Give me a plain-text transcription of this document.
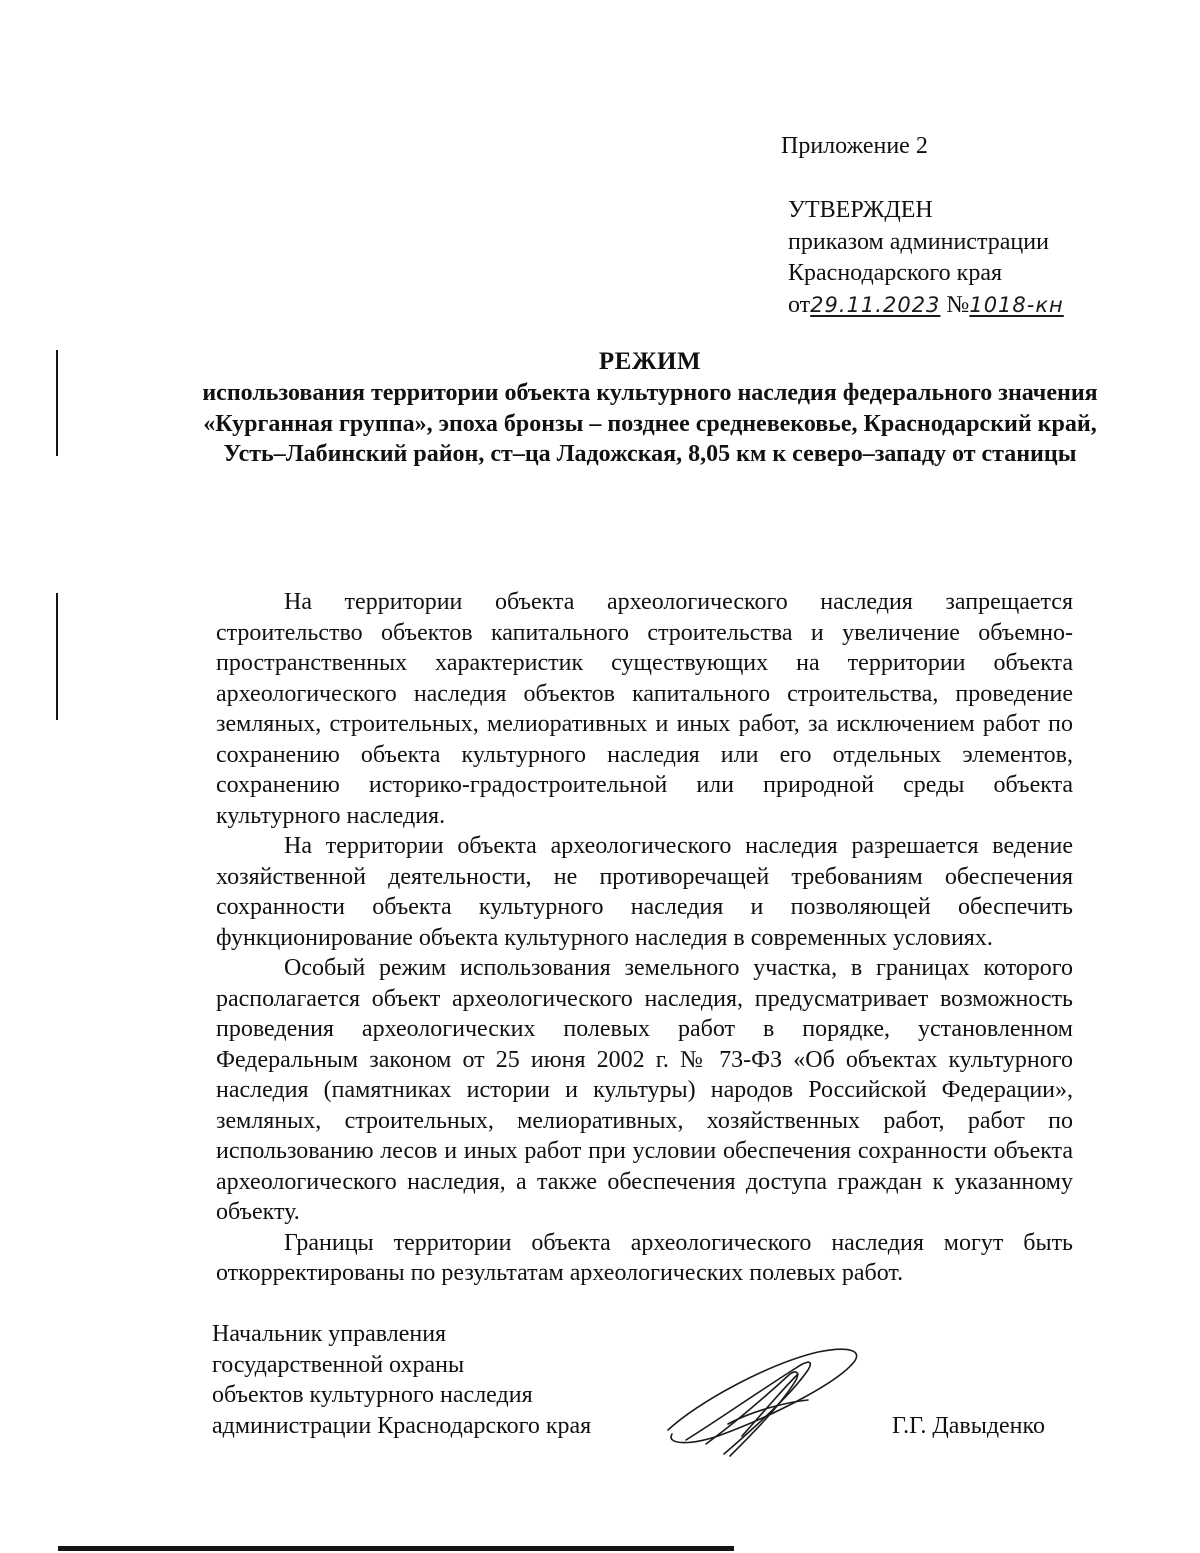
Приложение 2
УТВЕРЖДЕН
приказом администрации
Краснодарского края
от29.11.2023 №1018-кн
РЕЖИМ
использования территории объекта культурного наследия федерального значения «Курганная группа», эпоха бронзы – позднее средневековье, Краснодарский край, Усть–Лабинский район, ст–ца Ладожская, 8,05 км к северо–западу от станицы

На территории объекта археологического наследия запрещается строительство объектов капитального строительства и увеличение объемно-пространственных характеристик существующих на территории объекта археологического наследия объектов капитального строительства, проведение земляных, строительных, мелиоративных и иных работ, за исключением работ по сохранению объекта культурного наследия или его отдельных элементов, сохранению историко-градостроительной или природной среды объекта культурного наследия.

На территории объекта археологического наследия разрешается ведение хозяйственной деятельности, не противоречащей требованиям обеспечения сохранности объекта культурного наследия и позволяющей обеспечить функционирование объекта культурного наследия в современных условиях.

Особый режим использования земельного участка, в границах которого располагается объект археологического наследия, предусматривает возможность проведения археологических полевых работ в порядке, установленном Федеральным законом от 25 июня 2002 г. № 73-ФЗ «Об объектах культурного наследия (памятниках истории и культуры) народов Российской Федерации», земляных, строительных, мелиоративных, хозяйственных работ, работ по использованию лесов и иных работ при условии обеспечения сохранности объекта археологического наследия, а также обеспечения доступа граждан к указанному объекту.

Границы территории объекта археологического наследия могут быть откорректированы по результатам археологических полевых работ.

Начальник управления
государственной охраны
объектов культурного наследия
администрации Краснодарского края	Г.Г. Давыденко
